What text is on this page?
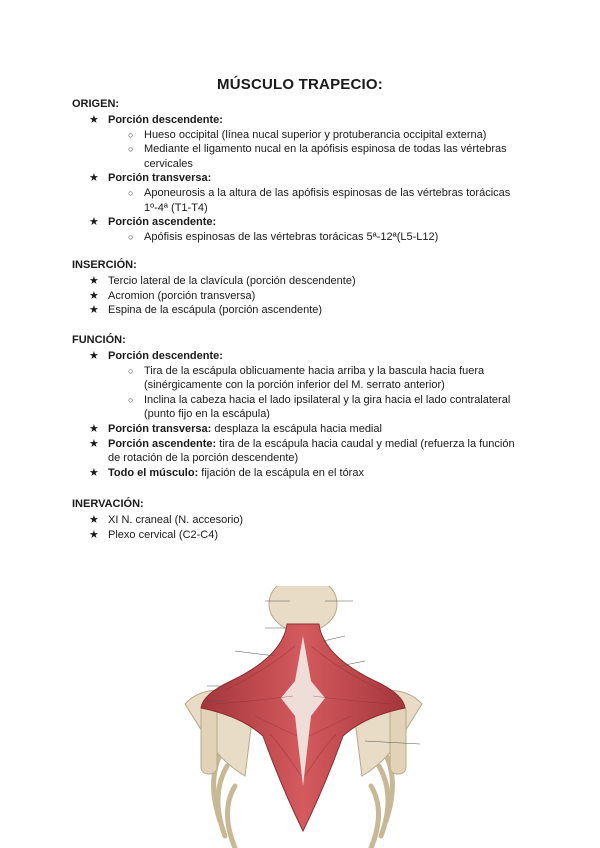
MÚSCULO TRAPECIO:
ORIGEN:
★ Porción descendente:
○ Hueso occipital (línea nucal superior y protuberancia occipital externa)
○ Mediante el ligamento nucal en la apófisis espinosa de todas las vértebras
cervicales
★ Porción transversa:
○ Aponeurosis a la altura de las apófisis espinosas de las vértebras torácicas
1º-4ª (T1-T4)
★ Porción ascendente:
○ Apófisis espinosas de las vértebras torácicas 5ª-12ª(L5-L12)
INSERCIÓN:
★ Tercio lateral de la clavícula (porción descendente)
★ Acromion (porción transversa)
★ Espina de la escápula (porción ascendente)
FUNCIÓN:
★ Porción descendente:
○ Tira de la escápula oblicuamente hacia arriba y la bascula hacia fuera
(sinérgicamente con la porción inferior del M. serrato anterior)
○ Inclina la cabeza hacia el lado ipsilateral y la gira hacia el lado contralateral
(punto fijo en la escápula)
★ Porción transversa: desplaza la escápula hacia medial
★ Porción ascendente: tira de la escápula hacia caudal y medial (refuerza la función
de rotación de la porción descendente)
★ Todo el músculo: fijación de la escápula en el tórax
INERVACIÓN:
★ XI N. craneal (N. accesorio)
★ Plexo cervical (C2-C4)
